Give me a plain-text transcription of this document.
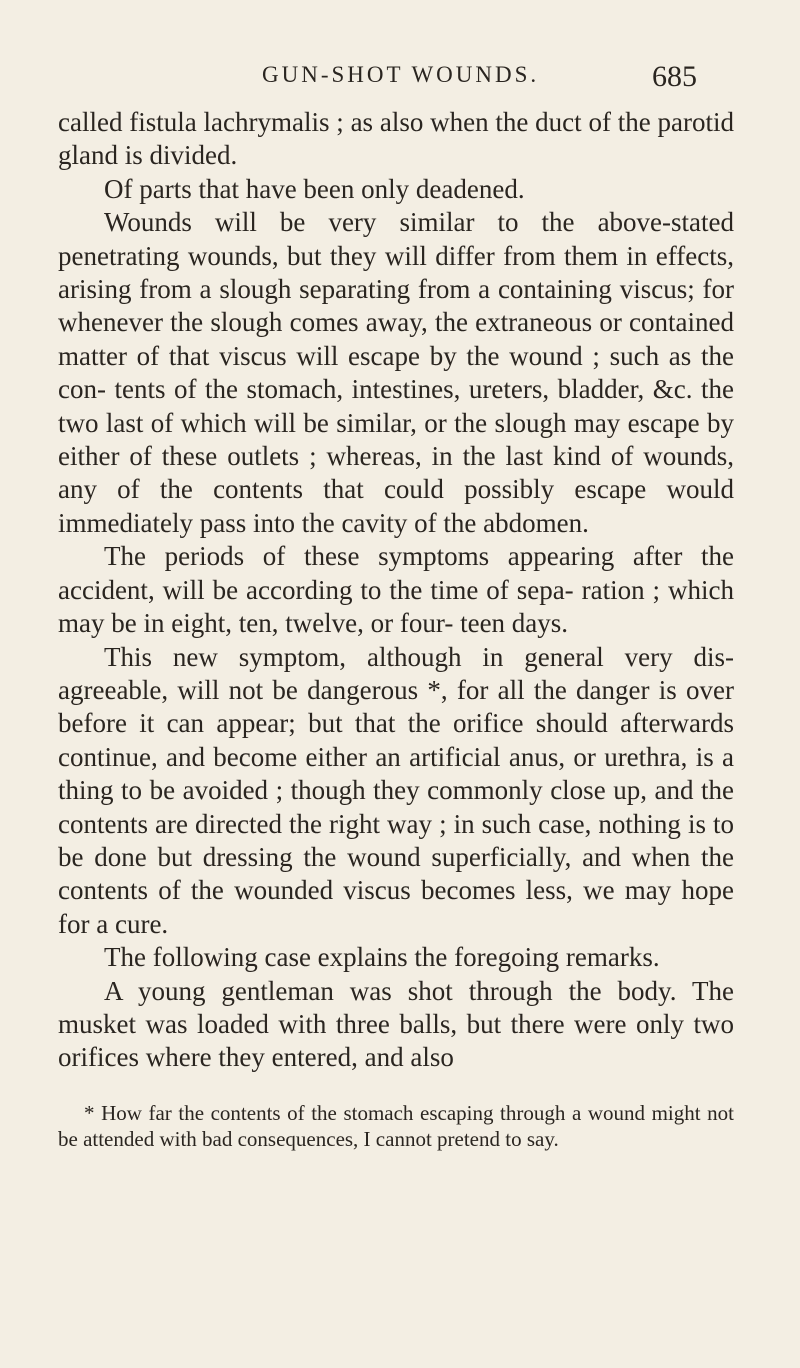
GUN-SHOT WOUNDS.	685

called fistula lachrymalis ; as also when the duct of the parotid gland is divided.

Of parts that have been only deadened.

Wounds will be very similar to the above-stated penetrating wounds, but they will differ from them in effects, arising from a slough separating from a containing viscus; for whenever the slough comes away, the extraneous or contained matter of that viscus will escape by the wound ; such as the con- tents of the stomach, intestines, ureters, bladder, &c. the two last of which will be similar, or the slough may escape by either of these outlets ; whereas, in the last kind of wounds, any of the contents that could possibly escape would immediately pass into the cavity of the abdomen.

The periods of these symptoms appearing after the accident, will be according to the time of sepa- ration ; which may be in eight, ten, twelve, or four- teen days.

This new symptom, although in general very dis- agreeable, will not be dangerous *, for all the danger is over before it can appear; but that the orifice should afterwards continue, and become either an artificial anus, or urethra, is a thing to be avoided ; though they commonly close up, and the contents are directed the right way ; in such case, nothing is to be done but dressing the wound superficially, and when the contents of the wounded viscus becomes less, we may hope for a cure.

The following case explains the foregoing remarks.

A young gentleman was shot through the body. The musket was loaded with three balls, but there were only two orifices where they entered, and also

* How far the contents of the stomach escaping through a wound might not be attended with bad consequences, I cannot pretend to say.
